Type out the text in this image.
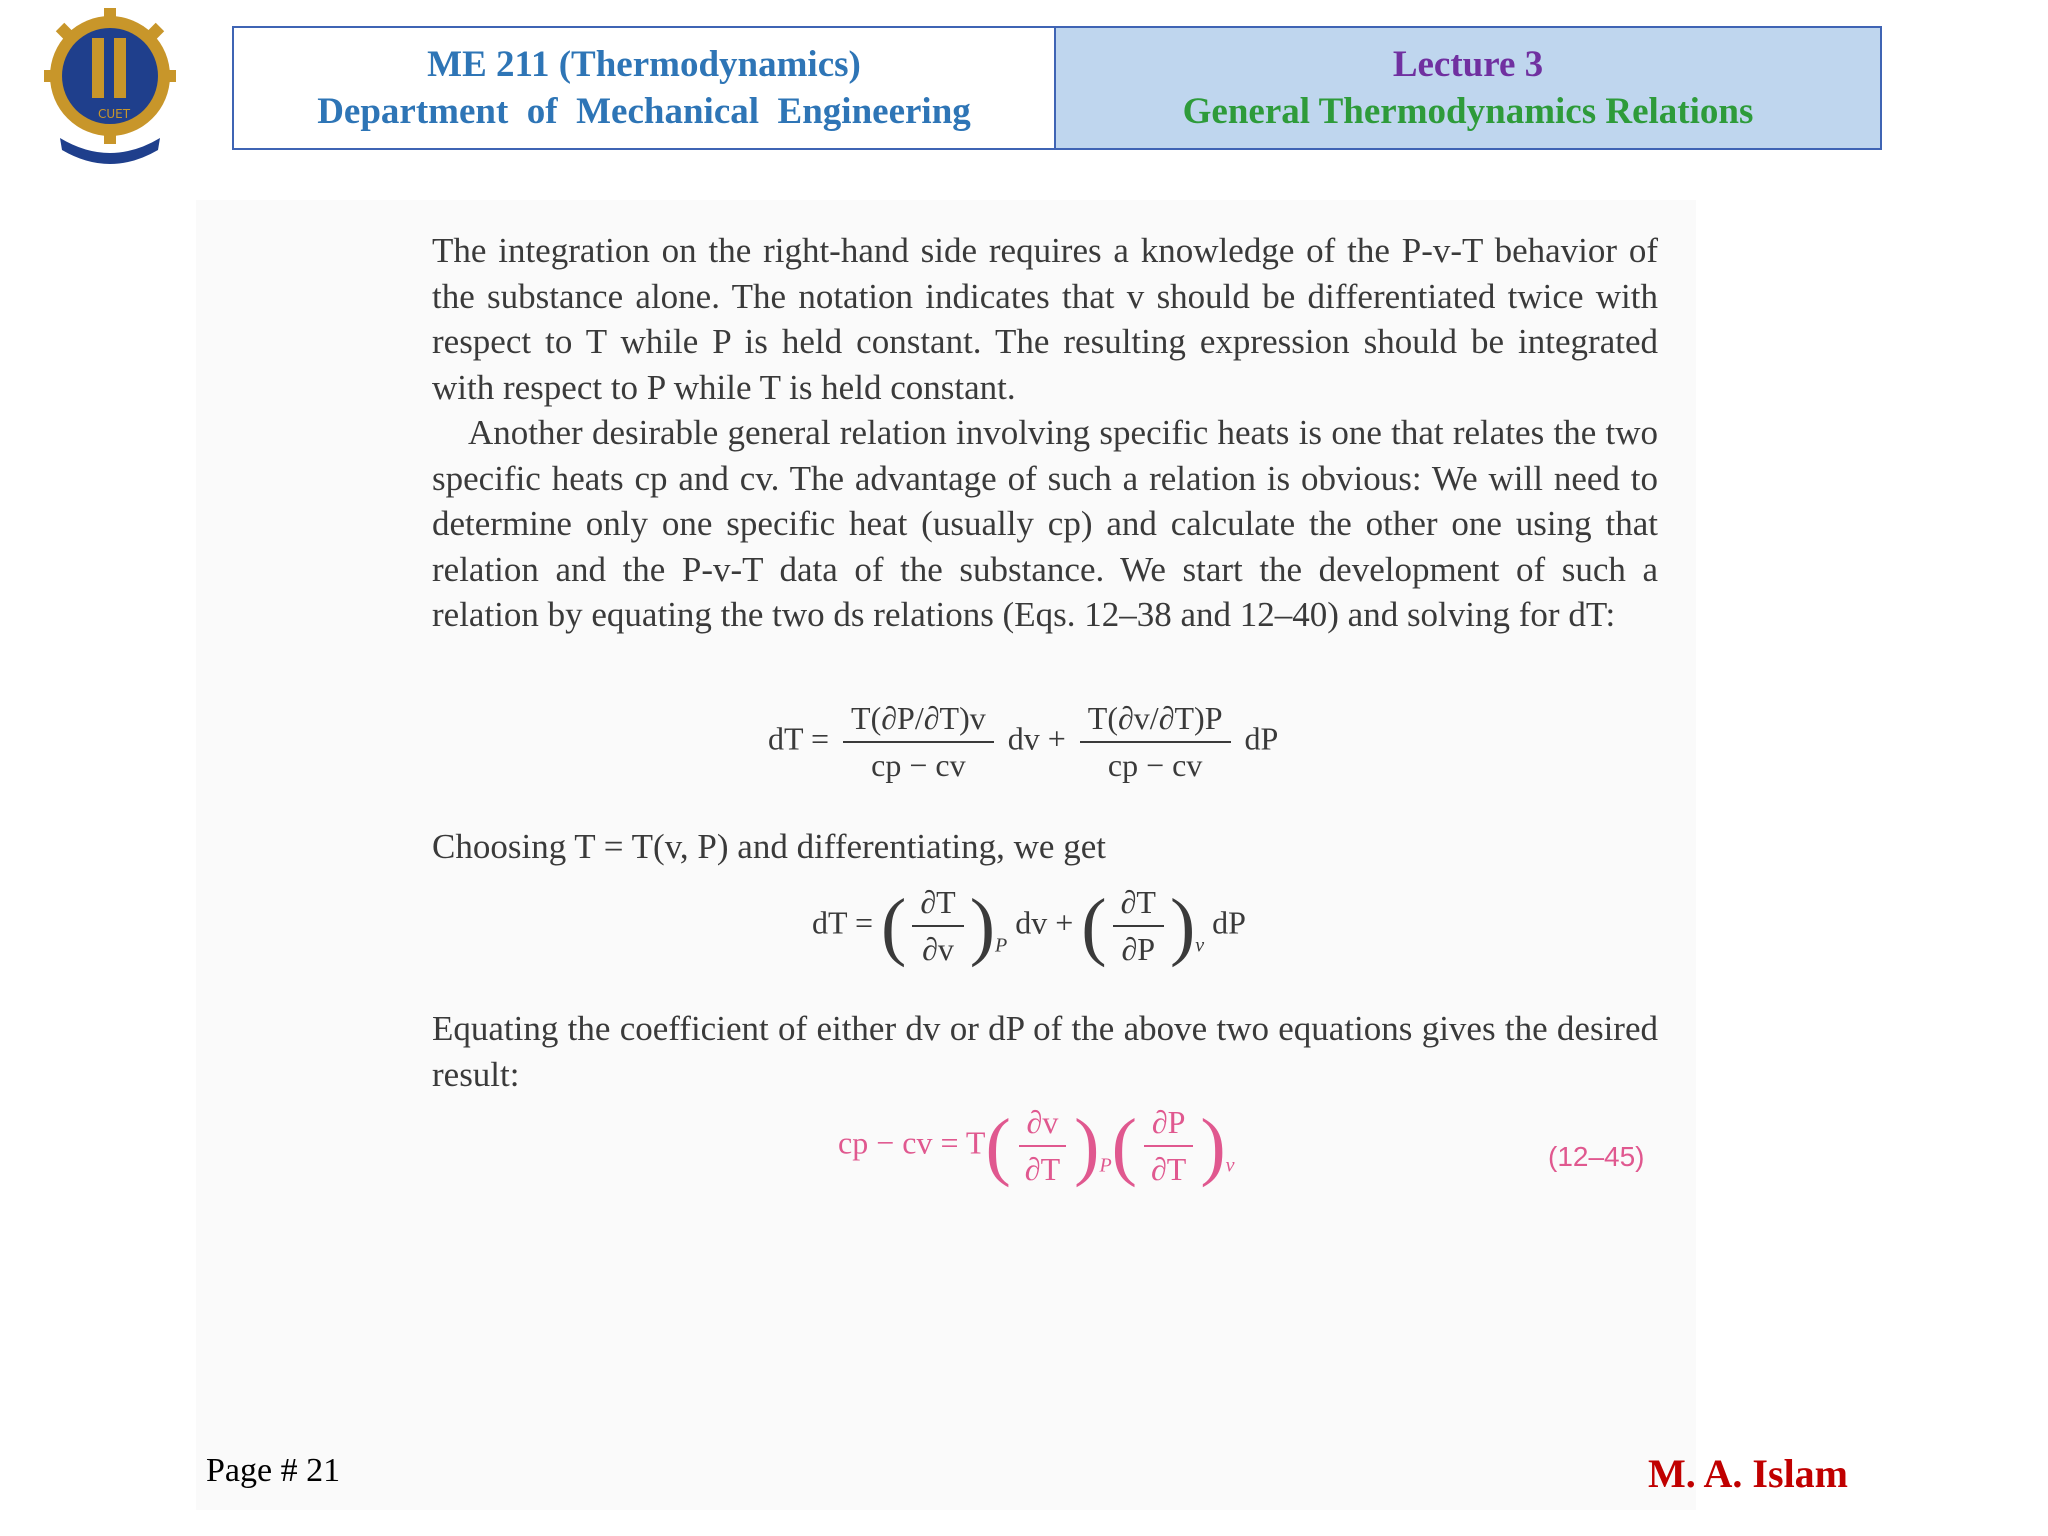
CUET
ME 211 (Thermodynamics)
Department  of  Mechanical  Engineering
Lecture 3
General Thermodynamics Relations

The integration on the right-hand side requires a knowledge of the P-v-T behavior of the substance alone. The notation indicates that v should be differentiated twice with respect to T while P is held constant. The resulting expression should be integrated with respect to P while T is held constant.

Another desirable general relation involving specific heats is one that relates the two specific heats cp and cv. The advantage of such a relation is obvious: We will need to determine only one specific heat (usually cp) and calculate the other one using that relation and the P-v-T data of the substance. We start the development of such a relation by equating the two ds relations (Eqs. 12–38 and 12–40) and solving for dT:

dT = $\frac{T(\partial P/\partial T)v}{cp - cv}$ dv + $\frac{T(\partial v/\partial T)P}{cp - cv}$ dP

Choosing T = T(v, P) and differentiating, we get

dT = ( $\frac{\partial T}{\partial v} )_P$ dv + ( $\frac{\partial T}{\partial P} )_v$ dP

Equating the coefficient of either dv or dP of the above two equations gives the desired result:

cp − cv = $T( \frac{\partial v}{\partial T} )_P( \frac{\partial P}{\partial T} )_v$	(12–45)
Page # 21	M. A. Islam
